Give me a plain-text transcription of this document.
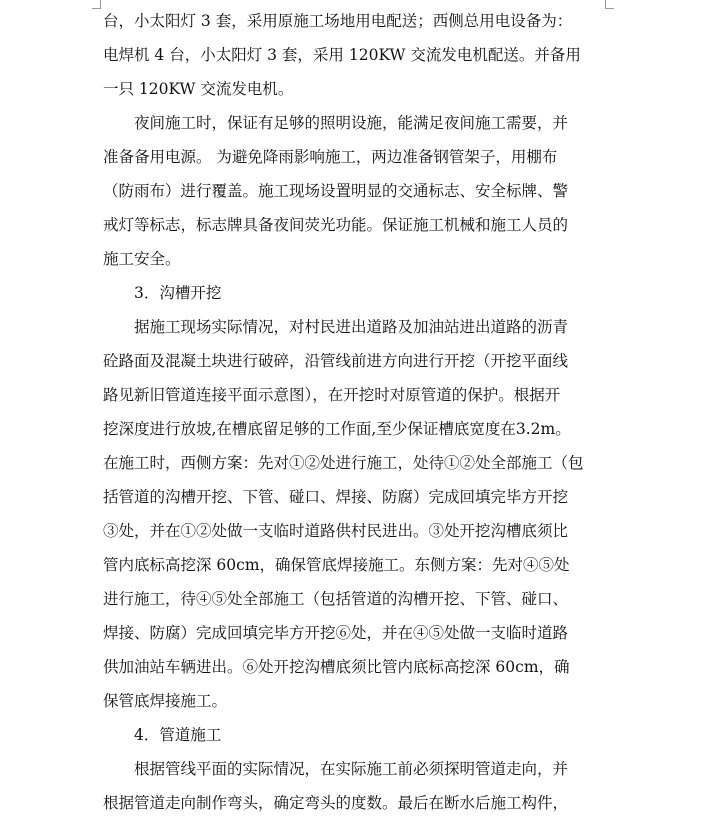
台，小太阳灯 3 套，采用原施工场地用电配送；西侧总用电设备为：
电焊机 4 台，小太阳灯 3 套，采用 120KW 交流发电机配送。并备用
一只 120KW 交流发电机。
夜间施工时，保证有足够的照明设施，能满足夜间施工需要，并
准备备用电源。 为避免降雨影响施工，两边准备钢管架子，用棚布
（防雨布）进行覆盖。施工现场设置明显的交通标志、安全标牌、警
戒灯等标志，标志牌具备夜间荧光功能。保证施工机械和施工人员的
施工安全。
3．沟槽开挖
据施工现场实际情况，对村民进出道路及加油站进出道路的沥青
砼路面及混凝土块进行破碎，沿管线前进方向进行开挖（开挖平面线
路见新旧管道连接平面示意图），在开挖时对原管道的保护。根据开
挖深度进行放坡,在槽底留足够的工作面,至少保证槽底宽度在3.2m。
在施工时，西侧方案：先对①②处进行施工，处待①②处全部施工（包
括管道的沟槽开挖、下管、碰口、焊接、防腐）完成回填完毕方开挖
③处，并在①②处做一支临时道路供村民进出。③处开挖沟槽底须比
管内底标高挖深 60cm，确保管底焊接施工。东侧方案：先对④⑤处
进行施工，待④⑤处全部施工（包括管道的沟槽开挖、下管、碰口、
焊接、防腐）完成回填完毕方开挖⑥处，并在④⑤处做一支临时道路
供加油站车辆进出。⑥处开挖沟槽底须比管内底标高挖深 60cm，确
保管底焊接施工。
4．管道施工
根据管线平面的实际情况，在实际施工前必须探明管道走向，并
根据管道走向制作弯头，确定弯头的度数。最后在断水后施工构件，
